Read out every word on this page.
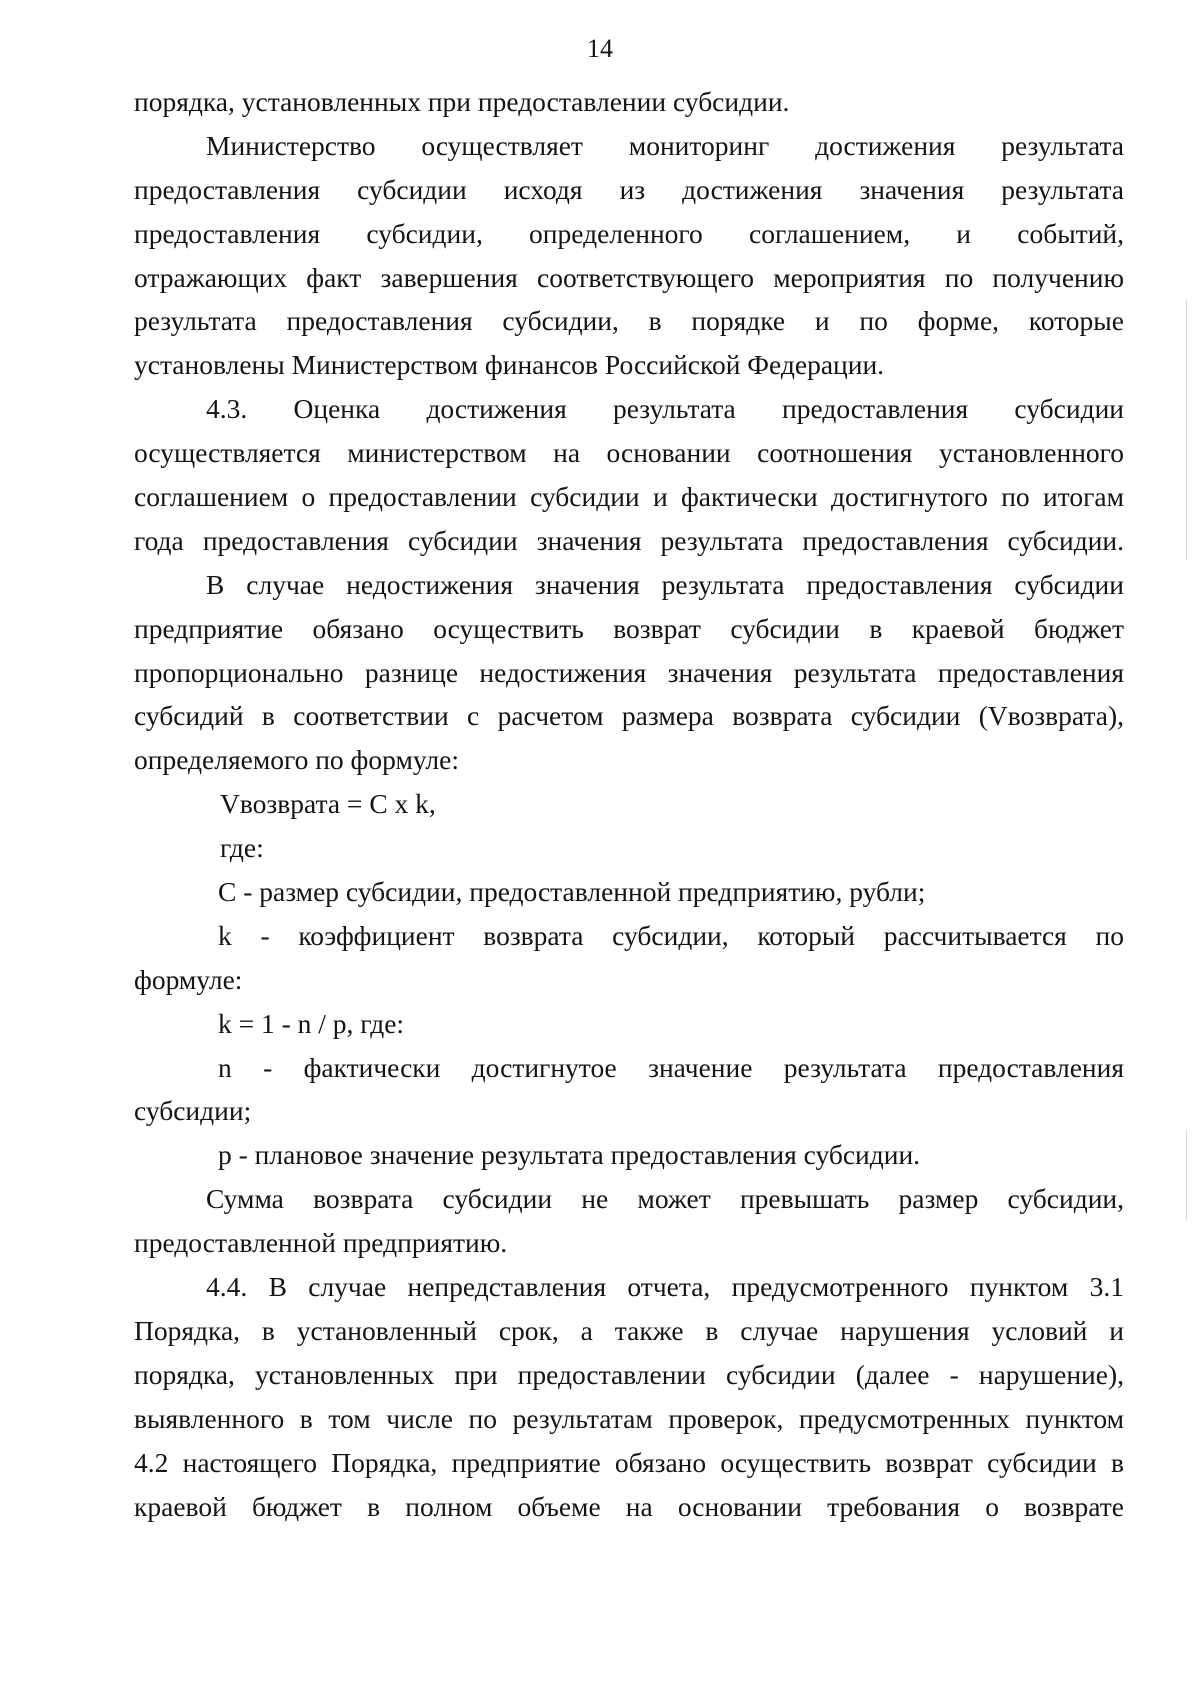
14
порядка, установленных при предоставлении субсидии.
Министерство осуществляет мониторинг достижения результата
предоставления субсидии исходя из достижения значения результата
предоставления субсидии, определенного соглашением, и событий,
отражающих факт завершения соответствующего мероприятия по получению
результата предоставления субсидии, в порядке и по форме, которые
установлены Министерством финансов Российской Федерации.
4.3. Оценка достижения результата предоставления субсидии
осуществляется министерством на основании соотношения установленного
соглашением о предоставлении субсидии и фактически достигнутого по итогам
года предоставления субсидии значения результата предоставления субсидии.
В случае недостижения значения результата предоставления субсидии
предприятие обязано осуществить возврат субсидии в краевой бюджет
пропорционально разнице недостижения значения результата предоставления
субсидий в соответствии с расчетом размера возврата субсидии (Vвозврата),
определяемого по формуле:
Vвозврата = C x k,
где:
С - размер субсидии, предоставленной предприятию, рубли;
k - коэффициент возврата субсидии, который рассчитывается по
формуле:
k = 1 - n / p, где:
n - фактически достигнутое значение результата предоставления
субсидии;
p - плановое значение результата предоставления субсидии.
Сумма возврата субсидии не может превышать размер субсидии,
предоставленной предприятию.
4.4. В случае непредставления отчета, предусмотренного пунктом 3.1
Порядка, в установленный срок, а также в случае нарушения условий и
порядка, установленных при предоставлении субсидии (далее - нарушение),
выявленного в том числе по результатам проверок, предусмотренных пунктом
4.2 настоящего Порядка, предприятие обязано осуществить возврат субсидии в
краевой бюджет в полном объеме на основании требования о возврате
